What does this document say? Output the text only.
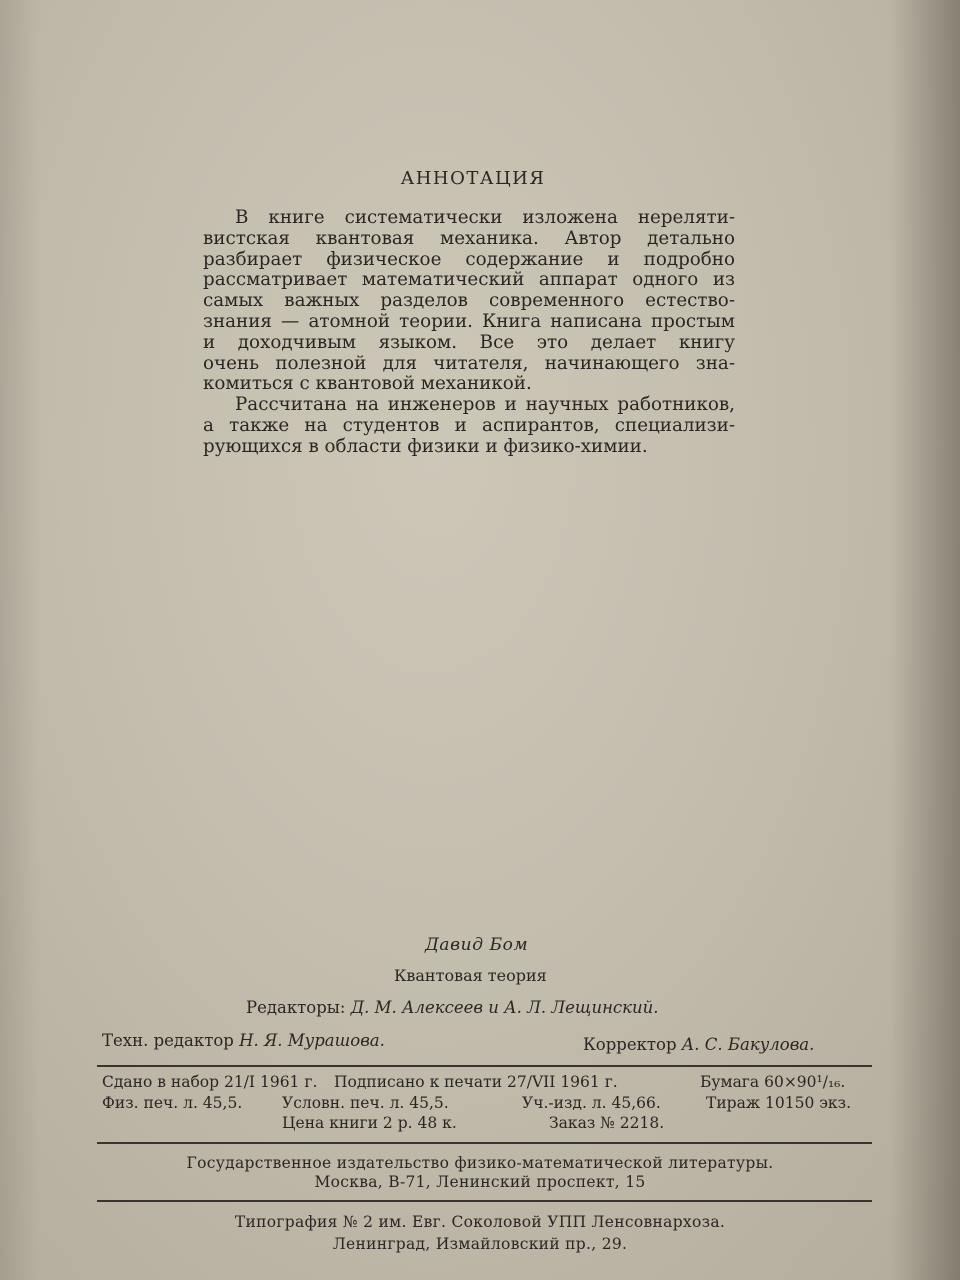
АННОТАЦИЯ
В книге систематически изложена нереляти-
вистская квантовая механика. Автор детально
разбирает физическое содержание и подробно
рассматривает математический аппарат одного из
самых важных разделов современного естество-
знания — атомной теории. Книга написана простым
и доходчивым языком. Все это делает книгу
очень полезной для читателя, начинающего зна-
комиться с квантовой механикой.
Рассчитана на инженеров и научных работников,
а также на студентов и аспирантов, специализи-
рующихся в области физики и физико-химии.
Давид Бом
Квантовая теория
Редакторы: Д. М. Алексеев и А. Л. Лещинский.
Техн. редактор Н. Я. Мурашова.	Корректор А. С. Бакулова.
Сдано в набор 21/I 1961 г. Подписано к печати 27/VII 1961 г.	Бумага 60×90¹/₁₆.
Физ. печ. л. 45,5.	Условн. печ. л. 45,5.	Уч.-изд. л. 45,66.	Тираж 10150 экз.
Цена книги 2 р. 48 к.	Заказ № 2218.
Государственное издательство физико-математической литературы.
Москва, В-71, Ленинский проспект, 15
Типография № 2 им. Евг. Соколовой УПП Ленсовнархоза.
Ленинград, Измайловский пр., 29.
